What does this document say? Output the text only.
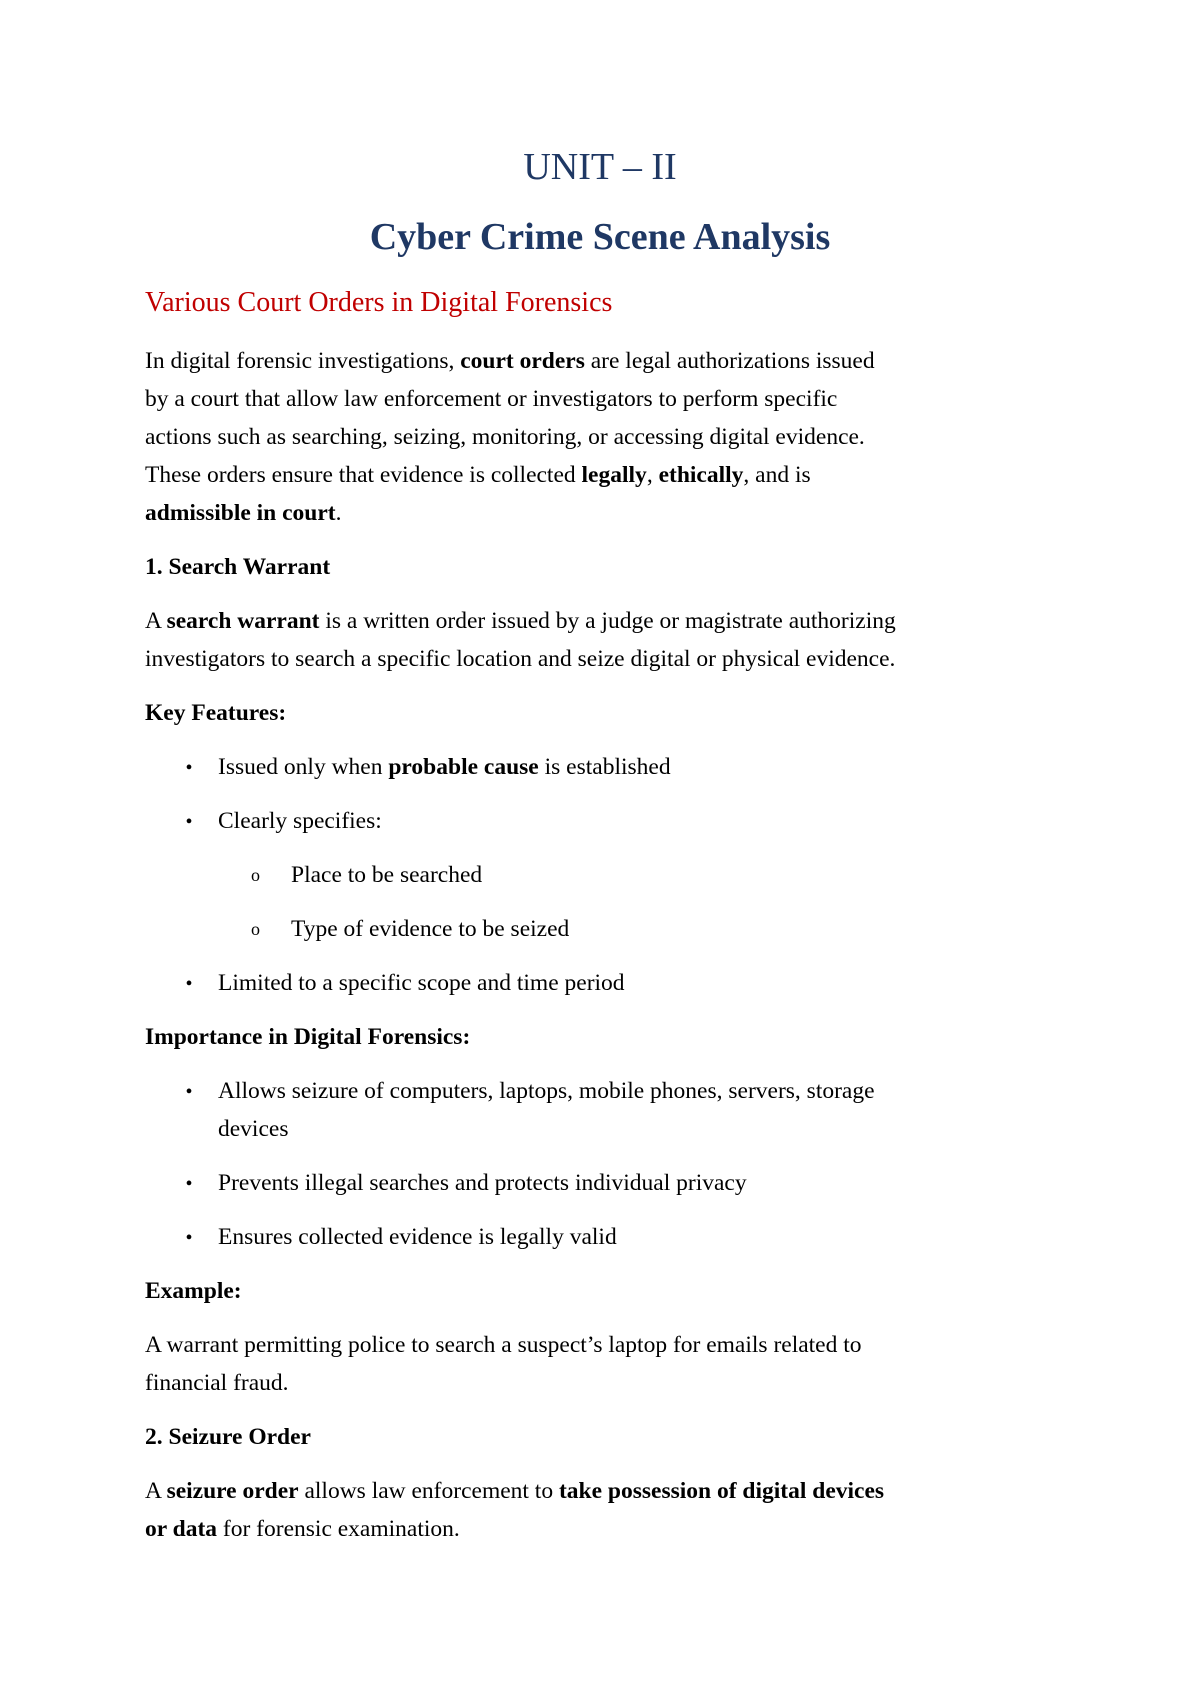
UNIT – II
Cyber Crime Scene Analysis
Various Court Orders in Digital Forensics
In digital forensic investigations, court orders are legal authorizations issued
by a court that allow law enforcement or investigators to perform specific
actions such as searching, seizing, monitoring, or accessing digital evidence.
These orders ensure that evidence is collected legally, ethically, and is
admissible in court.
1. Search Warrant
A search warrant is a written order issued by a judge or magistrate authorizing
investigators to search a specific location and seize digital or physical evidence.
Key Features:
•
Issued only when probable cause is established
•
Clearly specifies:
o Place to be searched
o Type of evidence to be seized
•
Limited to a specific scope and time period
Importance in Digital Forensics:
•
Allows seizure of computers, laptops, mobile phones, servers, storage
devices
•
Prevents illegal searches and protects individual privacy
•
Ensures collected evidence is legally valid
Example:
A warrant permitting police to search a suspect’s laptop for emails related to
financial fraud.
2. Seizure Order
A seizure order allows law enforcement to take possession of digital devices
or data for forensic examination.
